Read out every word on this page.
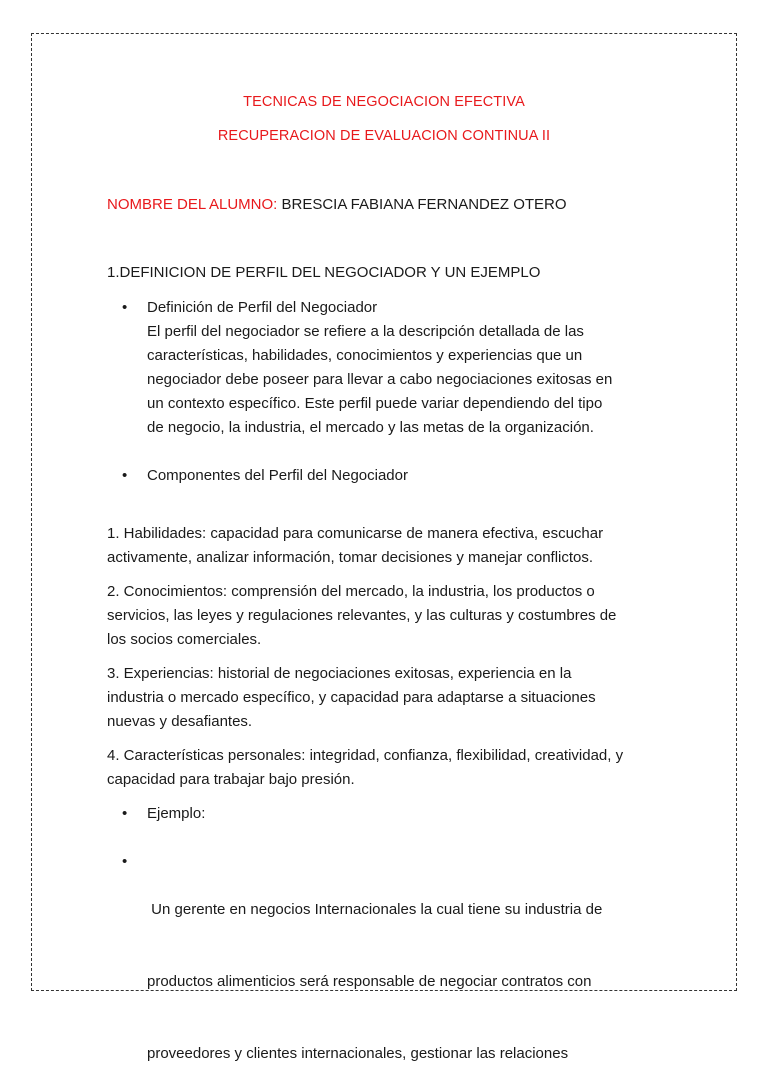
TECNICAS DE NEGOCIACION EFECTIVA
RECUPERACION DE EVALUACION CONTINUA II
NOMBRE DEL ALUMNO: BRESCIA FABIANA FERNANDEZ OTERO
1.DEFINICION DE PERFIL DEL NEGOCIADOR Y UN EJEMPLO
•	Definición de Perfil del Negociador
El perfil del negociador se refiere a la descripción detallada de las
características, habilidades, conocimientos y experiencias que un
negociador debe poseer para llevar a cabo negociaciones exitosas en
un contexto específico. Este perfil puede variar dependiendo del tipo
de negocio, la industria, el mercado y las metas de la organización.
•	Componentes del Perfil del Negociador
1. Habilidades: capacidad para comunicarse de manera efectiva, escuchar
activamente, analizar información, tomar decisiones y manejar conflictos.
2. Conocimientos: comprensión del mercado, la industria, los productos o
servicios, las leyes y regulaciones relevantes, y las culturas y costumbres de
los socios comerciales.
3. Experiencias: historial de negociaciones exitosas, experiencia en la
industria o mercado específico, y capacidad para adaptarse a situaciones
nuevas y desafiantes.
4. Características personales: integridad, confianza, flexibilidad, creatividad, y
capacidad para trabajar bajo presión.
•	Ejemplo:
•

Un gerente en negocios Internacionales la cual tiene su industria de

productos alimenticios será responsable de negociar contratos con

proveedores y clientes internacionales, gestionar las relaciones
